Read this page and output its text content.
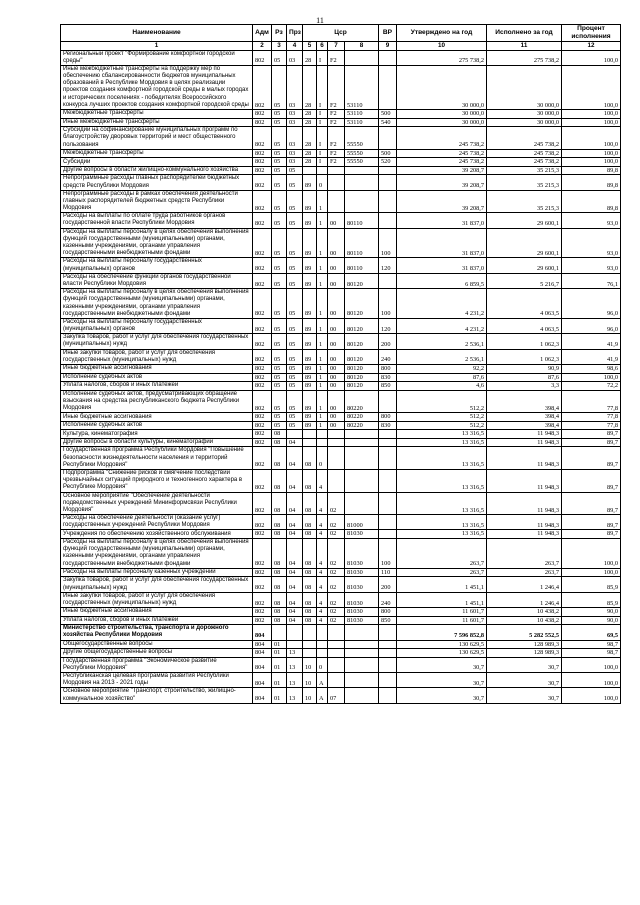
11
Наименование	Адм	Рз	Прз	Цср				ВР	Утверждено на год	Исполнено за год	Процент исполнения
1	2	3	4	5	6	7	8	9	10	11	12
Региональный проект "Формирование комфортной городской среды"	802	05	03	28	I	F2			275 738,2	275 738,2	100,0
Иные межбюджетные трансферты на поддержку мер по обеспечению сбалансированности бюджетов муниципальных образований в Республике Мордовия в целях реализации проектов создания комфортной городской среды в малых городах и исторических поселениях - победителях Всероссийского конкурса лучших проектов создания комфортной городской среды	802	05	03	28	I	F2	53110		30 000,0	30 000,0	100,0
Межбюджетные трансферты	802	05	03	28	I	F2	53110	500	30 000,0	30 000,0	100,0
Иные межбюджетные трансферты	802	05	03	28	I	F2	53110	540	30 000,0	30 000,0	100,0
Субсидии на софинансирование муниципальных программ по благоустройству дворовых территорий и мест общественного пользования	802	05	03	28	I	F2	55550		245 738,2	245 738,2	100,0
Межбюджетные трансферты	802	05	03	28	I	F2	55550	500	245 738,2	245 738,2	100,0
Субсидии	802	05	03	28	I	F2	55550	520	245 738,2	245 738,2	100,0
Другие вопросы в области жилищно-коммунального хозяйства	802	05	05						39 208,7	35 215,3	89,8
Непрограммные расходы главных распорядителей бюджетных средств Республики Мордовия	802	05	05	89	0				39 208,7	35 215,3	89,8
Непрограммные расходы в рамках обеспечения деятельности главных распорядителей бюджетных средств Республики Мордовия	802	05	05	89	1				39 208,7	35 215,3	89,8
Расходы на выплаты по оплате труда работников органов государственной власти Республики Мордовия	802	05	05	89	1	00	80110		31 837,0	29 600,1	93,0
Расходы на выплаты персоналу в целях обеспечения выполнения функций государственными (муниципальными) органами, казенными учреждениями, органами управления государственными внебюджетными фондами	802	05	05	89	1	00	80110	100	31 837,0	29 600,1	93,0
Расходы на выплаты персоналу государственных (муниципальных) органов	802	05	05	89	1	00	80110	120	31 837,0	29 600,1	93,0
Расходы на обеспечение функций органов государственной власти Республики Мордовия	802	05	05	89	1	00	80120		6 859,5	5 216,7	76,1
Расходы на выплаты персоналу в целях обеспечения выполнения функций государственными (муниципальными) органами, казенными учреждениями, органами управления государственными внебюджетными фондами	802	05	05	89	1	00	80120	100	4 231,2	4 063,5	96,0
Расходы на выплаты персоналу государственных (муниципальных) органов	802	05	05	89	1	00	80120	120	4 231,2	4 063,5	96,0
Закупка товаров, работ и услуг для обеспечения государственных (муниципальных) нужд	802	05	05	89	1	00	80120	200	2 536,1	1 062,3	41,9
Иные закупки товаров, работ и услуг для обеспечения государственных (муниципальных) нужд	802	05	05	89	1	00	80120	240	2 536,1	1 062,3	41,9
Иные бюджетные ассигнования	802	05	05	89	1	00	80120	800	92,2	90,9	98,6
Исполнение судебных актов	802	05	05	89	1	00	80120	830	87,6	87,6	100,0
Уплата налогов, сборов и иных платежей	802	05	05	89	1	00	80120	850	4,6	3,3	72,2
Исполнение судебных актов, предусматривающих обращение взыскания на средства республиканского бюджета Республики Мордовия	802	05	05	89	1	00	80220		512,2	398,4	77,8
Иные бюджетные ассигнования	802	05	05	89	1	00	80220	800	512,2	398,4	77,8
Исполнение судебных актов	802	05	05	89	1	00	80220	830	512,2	398,4	77,8
Культура, кинематография	802	08							13 316,5	11 948,3	89,7
Другие вопросы в области культуры, кинематографии	802	08	04						13 316,5	11 948,3	89,7
Государственная программа Республики Мордовия "Повышение безопасности жизнедеятельности населения и территорий Республики Мордовия"	802	08	04	08	0				13 316,5	11 948,3	89,7
Подпрограмма "Снижение рисков и смягчение последствий чрезвычайных ситуаций природного и техногенного характера в Республике Мордовия"	802	08	04	08	4				13 316,5	11 948,3	89,7
Основное мероприятие "Обеспечение деятельности подведомственных учреждений Мининформсвязи Республики Мордовия"	802	08	04	08	4	02			13 316,5	11 948,3	89,7
Расходы на обеспечение деятельности (оказание услуг) государственных учреждений Республики Мордовия	802	08	04	08	4	02	81000		13 316,5	11 948,3	89,7
Учреждения по обеспечению хозяйственного обслуживания	802	08	04	08	4	02	81030		13 316,5	11 948,3	89,7
Расходы на выплаты персоналу в целях обеспечения выполнения функций государственными (муниципальными) органами, казенными учреждениями, органами управления государственными внебюджетными фондами	802	08	04	08	4	02	81030	100	263,7	263,7	100,0
Расходы на выплаты персоналу казенных учреждений	802	08	04	08	4	02	81030	110	263,7	263,7	100,0
Закупка товаров, работ и услуг для обеспечения государственных (муниципальных) нужд	802	08	04	08	4	02	81030	200	1 451,1	1 246,4	85,9
Иные закупки товаров, работ и услуг для обеспечения государственных (муниципальных) нужд	802	08	04	08	4	02	81030	240	1 451,1	1 246,4	85,9
Иные бюджетные ассигнования	802	08	04	08	4	02	81030	800	11 601,7	10 438,2	90,0
Уплата налогов, сборов и иных платежей	802	08	04	08	4	02	81030	850	11 601,7	10 438,2	90,0
Министерство строительства, транспорта и дорожного хозяйства Республики Мордовия	804								7 596 852,8	5 282 552,5	69,5
Общегосударственные вопросы	804	01							130 629,5	128 989,3	98,7
Другие общегосударственные вопросы	804	01	13						130 629,5	128 989,3	98,7
Государственная программа "Экономическое развитие Республики Мордовия"	804	01	13	10	0				30,7	30,7	100,0
Республиканская целевая программа развития Республики Мордовия на 2013 - 2021 годы	804	01	13	10	А				30,7	30,7	100,0
Основное мероприятие "Транспорт, строительство, жилищно-коммунальное хозяйство"	804	01	13	10	А	07			30,7	30,7	100,0
